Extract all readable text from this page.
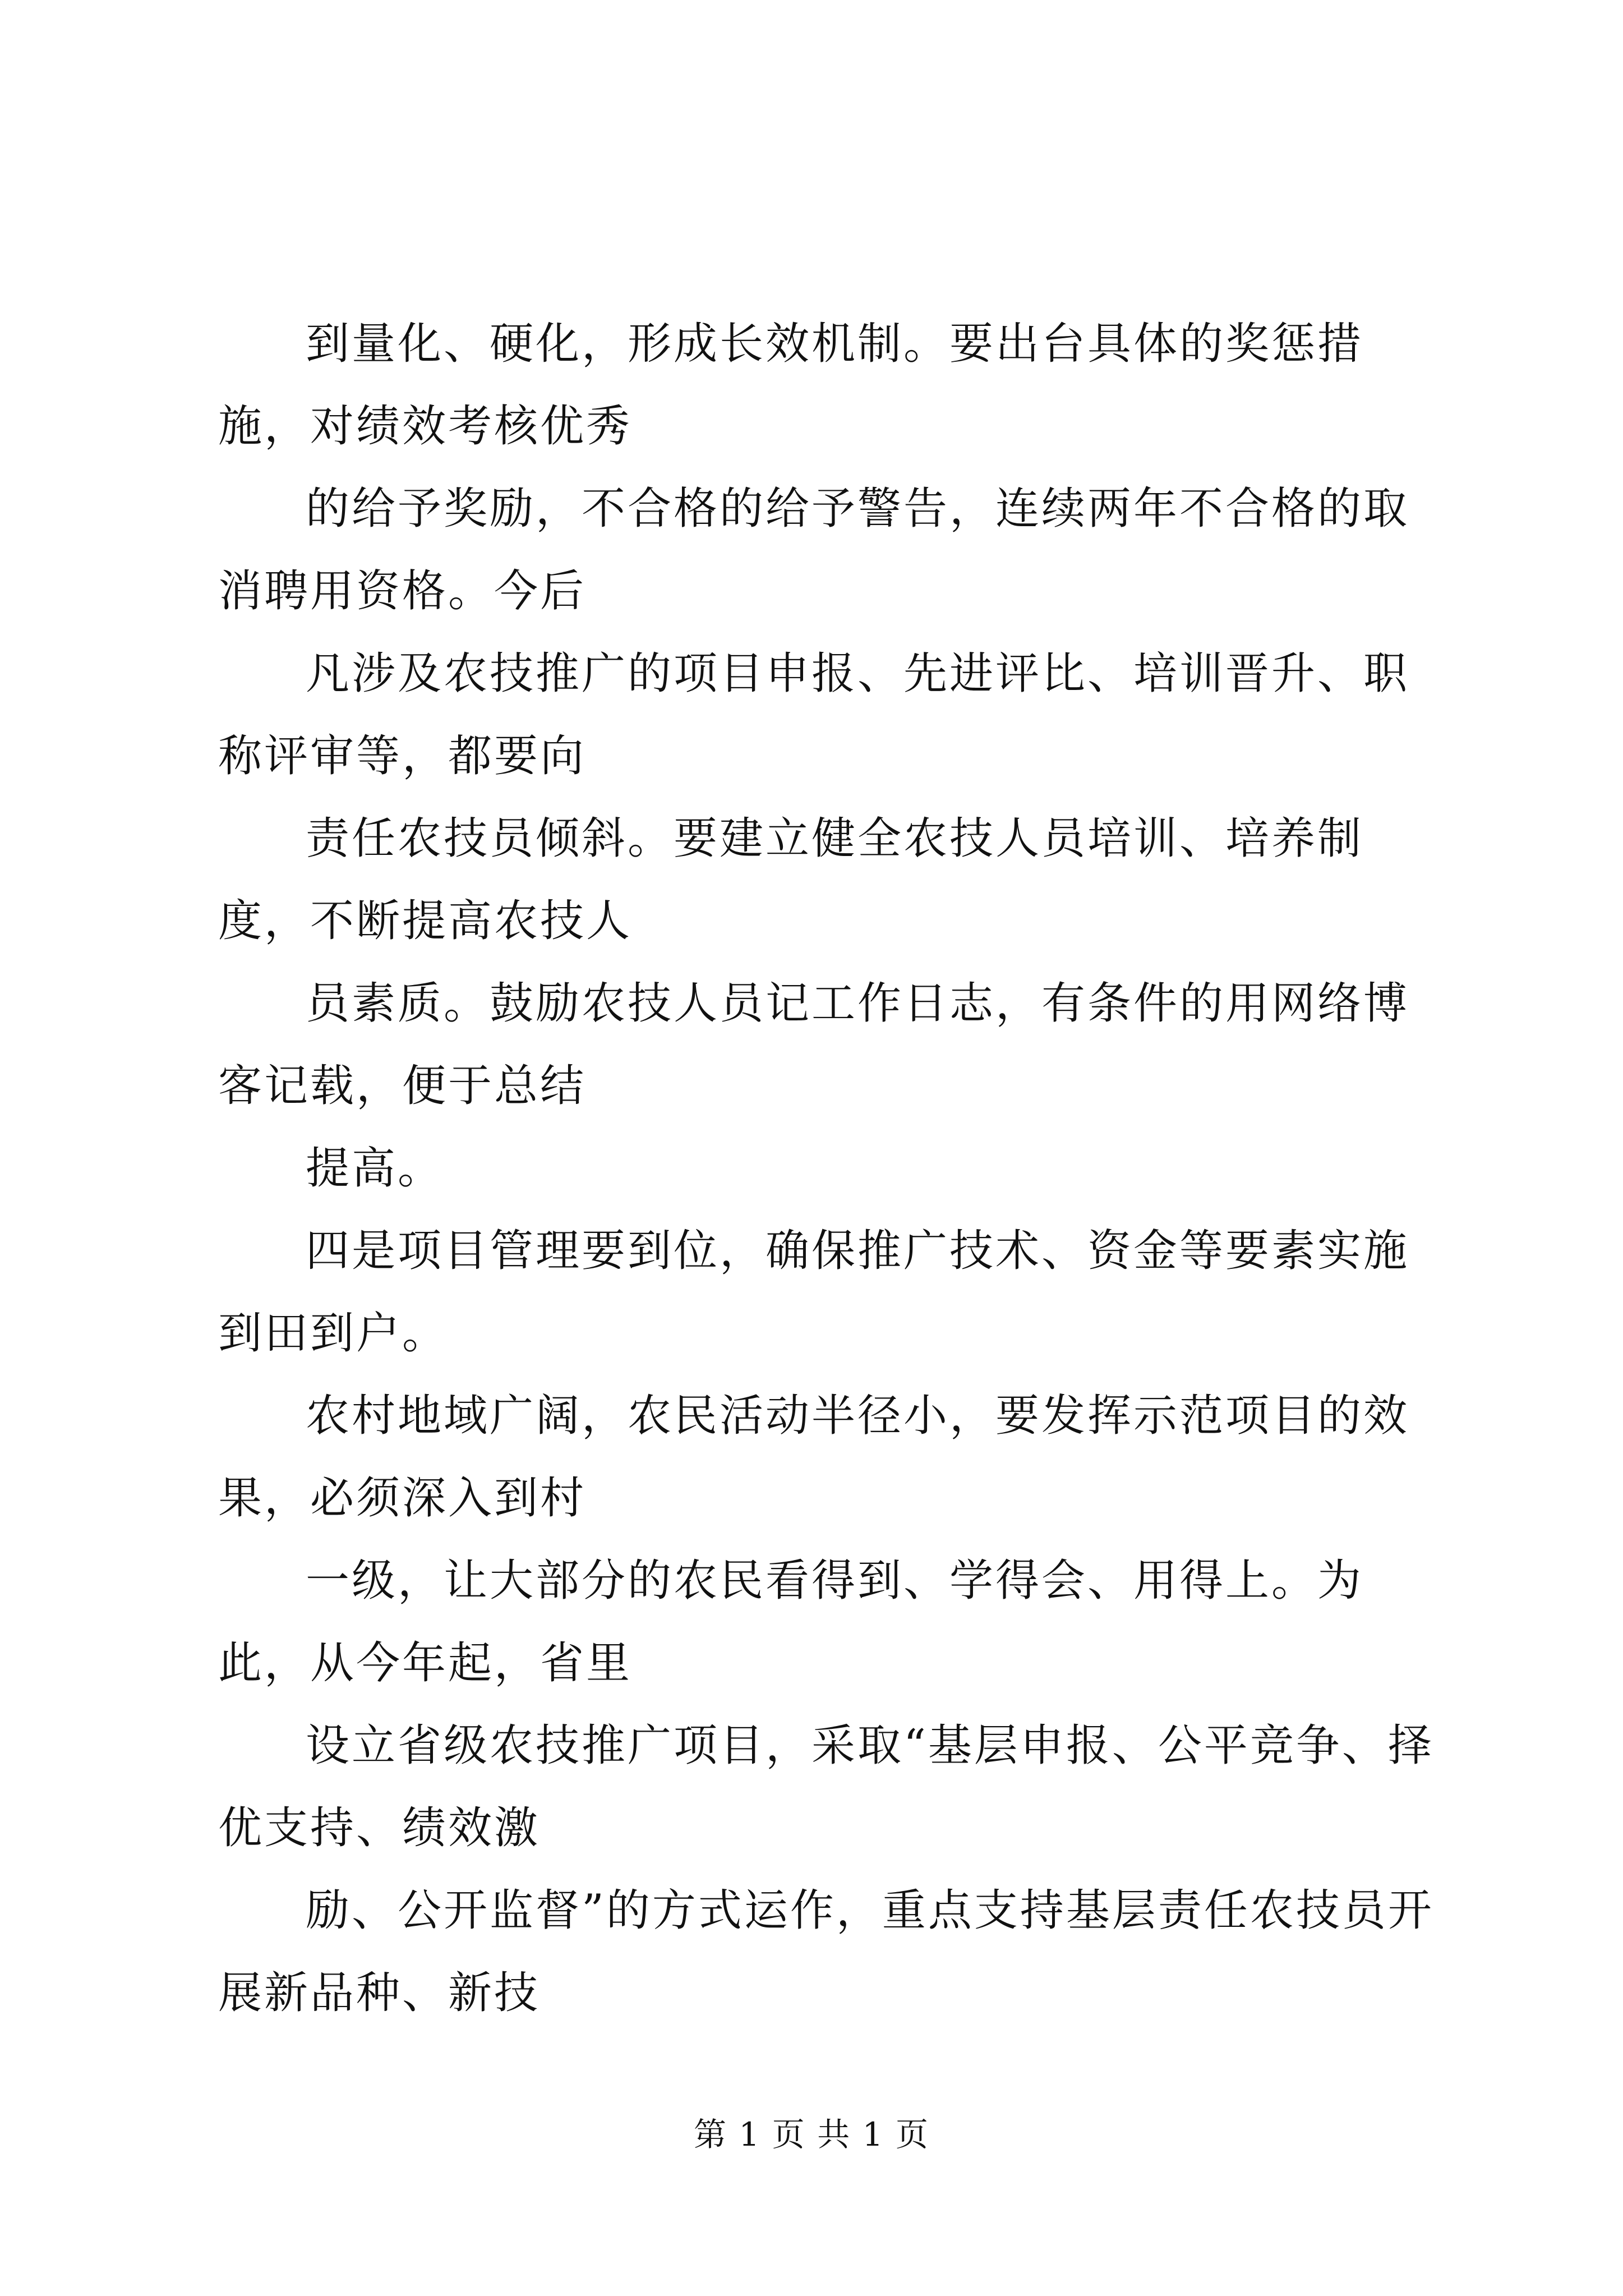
到量化、硬化，形成长效机制。要出台具体的奖惩措施，对绩效考核优秀

的给予奖励，不合格的给予警告，连续两年不合格的取消聘用资格。今后

凡涉及农技推广的项目申报、先进评比、培训晋升、职称评审等，都要向

责任农技员倾斜。要建立健全农技人员培训、培养制度，不断提高农技人

员素质。鼓励农技人员记工作日志，有条件的用网络博客记载，便于总结

提高。

四是项目管理要到位，确保推广技术、资金等要素实施到田到户。

农村地域广阔，农民活动半径小，要发挥示范项目的效果，必须深入到村

一级，让大部分的农民看得到、学得会、用得上。为此，从今年起，省里

设立省级农技推广项目，采取“基层申报、公平竞争、择优支持、绩效激

励、公开监督”的方式运作，重点支持基层责任农技员开展新品种、新技

第 1 页 共 1 页
